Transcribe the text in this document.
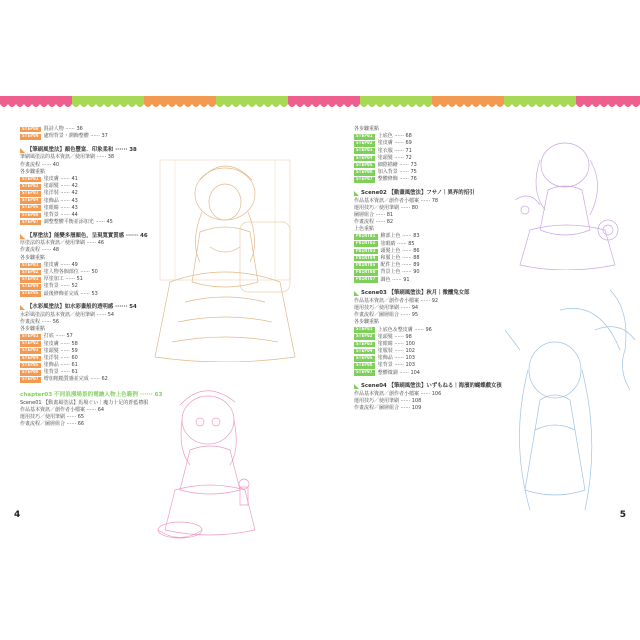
STEP08	混詩人物 ······ 36
STEP09	處理背景・潤飾整體 ······ 37
【筆刷風塗法】顏色豐富．印象柔和 ······ 38
筆刷風塗法的基本資訊／使用筆刷 ······ 38
作畫流程 ······ 40
各步驟重點
STEP01	塗皮膚 ······ 41
STEP02	塗頭髮 ······ 42
STEP03	塗洋裝 ······ 42
STEP04	塗飾品 ······ 43
STEP05	塗眼睛 ······ 43
STEP06	塗背景 ······ 44
STEP07	調整整體平衡並添加光 ······ 45
【厚塗法】能變多層顏色，呈現寬實質感 ······ 46
厚塗法的基本資訊／使用筆刷 ······ 46
作畫流程 ······ 48
各步驟重點
STEP01	塗皮膚 ······ 49
STEP02	塗人物各個部位 ······ 50
STEP03	厚塗加工 ······ 51
STEP04	塗背景 ······ 52
STEP05	最後修飾並完成 ······ 53
【水彩風塗法】如水彩畫般的透明感 ······ 54
水彩風塗法的基本資訊／使用筆刷 ······ 54
作畫流程 ······ 56
各步驟重點
STEP01	打底 ······ 57
STEP02	塗皮膚 ······ 58
STEP03	塗頭髮 ······ 59
STEP04	塗洋裝 ······ 60
STEP05	塗飾品 ······ 61
STEP06	塗背景 ······ 61
STEP07	增加粗糙質感並完成 ······ 62
chapter03 不同浪漫場景的電繪人物上色範例 ······ 63
Scene01 【動畫風塗法】馬場ぐい｜魔力十足的蒼藍禮服
作品基本資訊／創作者小檔案 ······ 64
運用技巧／使用筆刷 ······ 65
作畫流程／圖層組合 ······ 66
4
各步驟重點
STEP01	上底色 ······ 68
STEP02	塗皮膚 ······ 69
STEP03	塗衣服 ······ 71
STEP04	塗頭髮 ······ 72
STEP05	細陰描繪 ······ 73
STEP06	加入背景 ······ 75
STEP07	整體修飾 ······ 76
Scene02 【動畫風塗法】フサノ｜異界的招引
作品基本資訊／創作者小檔案 ······ 78
運用技巧／使用筆刷 ······ 80
圖層組合 ······ 81
作畫流程 ······ 82
上色重點
POINT01	臉部上色 ······ 83
POINT02	塗眼睛 ······ 85
POINT03	頭髮上色 ······ 86
POINT04	和服上色 ······ 88
POINT05	配件上色 ······ 89
POINT06	背景上色 ······ 90
POINT07	調色 ······ 91
Scene03 【筆刷風塗法】秋月｜微醺兔女郎
作品基本資訊／創作者小檔案 ······ 92
運用技巧／使用筆刷 ······ 94
作畫流程／圖層組合 ······ 95
各步驟重點
STEP01	上底色＆整皮膚 ······ 96
STEP02	塗頭髮 ······ 98
STEP03	塗眼睛 ······ 100
STEP04	塗服裝 ······ 102
STEP05	塗飾品 ······ 103
STEP06	塗背景 ······ 103
STEP07	整體微調 ······ 104
Scene04 【筆刷風塗法】いずもねる｜海濱的蝴蝶戲女孩
作品基本資訊／創作者小檔案 ······ 106
運用技巧／使用筆刷 ······ 108
作畫流程／圖層組合 ······ 109
5
